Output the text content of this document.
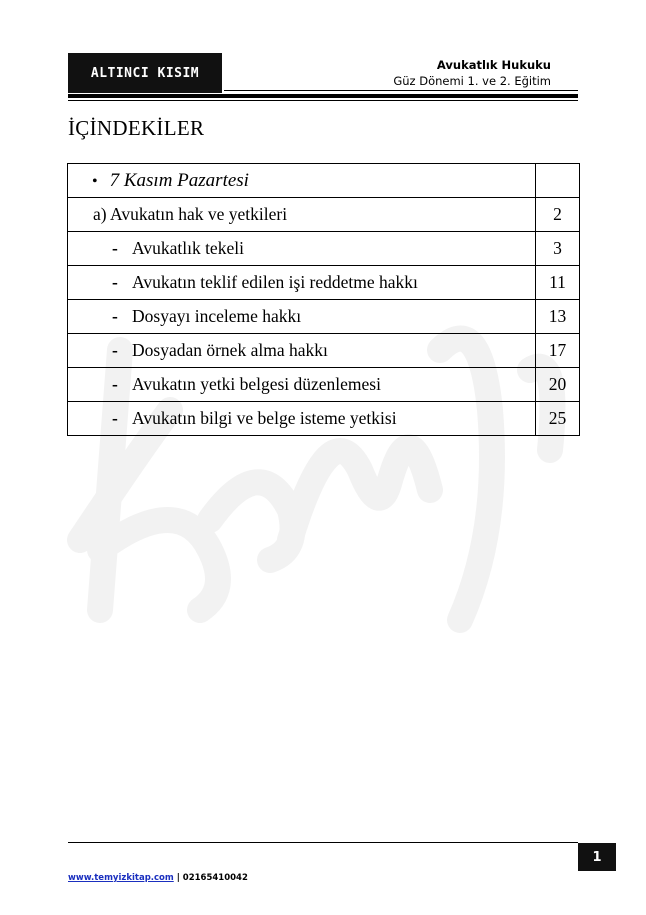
ALTINCI KISIM
Avukatlık Hukuku
Güz Dönemi 1. ve 2. Eğitim
İÇİNDEKİLER
• 7 Kasım Pazartesi	
a) Avukatın hak ve yetkileri	2
- Avukatlık tekeli	3
- Avukatın teklif edilen işi reddetme hakkı	11
- Dosyayı inceleme hakkı	13
- Dosyadan örnek alma hakkı	17
- Avukatın yetki belgesi düzenlemesi	20
- Avukatın bilgi ve belge isteme yetkisi	25
1
www.temyizkitap.com | 02165410042
